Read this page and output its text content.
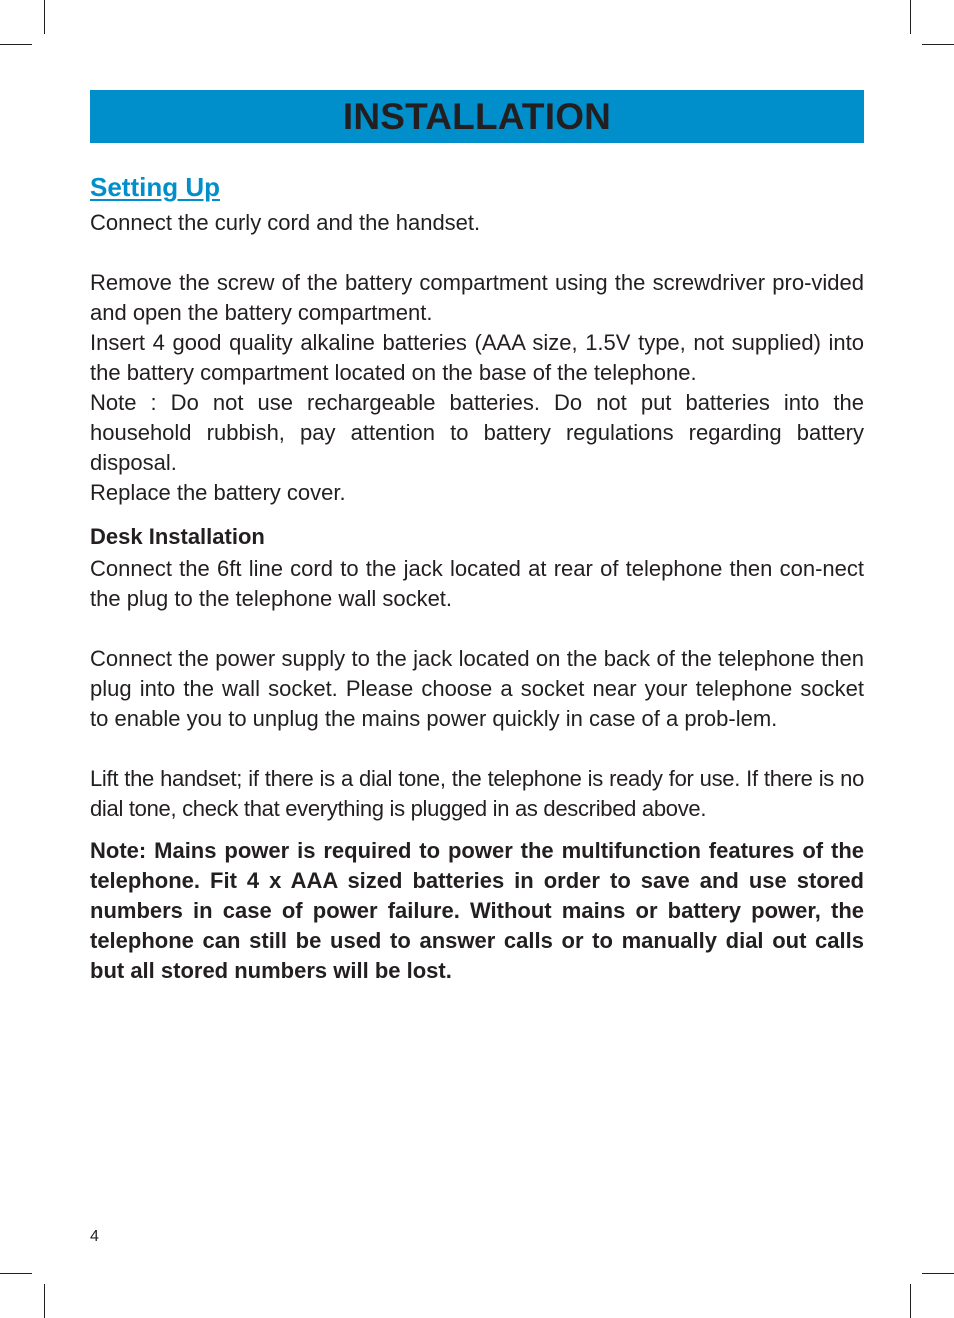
INSTALLATION
Setting Up

Connect the curly cord and the handset.

Remove the screw of the battery compartment using the screwdriver pro-vided and open the battery compartment.

Insert 4 good quality alkaline batteries (AAA size, 1.5V type, not supplied) into the battery compartment located on the base of the telephone.

Note : Do not use rechargeable batteries. Do not put batteries into the household rubbish, pay attention to battery regulations regarding battery disposal.

Replace the battery cover.

Desk Installation

Connect the 6ft line cord to the jack located at rear of telephone then con-nect the plug to the telephone wall socket.

Connect the power supply to the jack located on the back of the telephone then plug into the wall socket. Please choose a socket near your telephone socket to enable you to unplug the mains power quickly in case of a prob-lem.

Lift the handset; if there is a dial tone, the telephone is ready for use. If there is no dial tone, check that everything is plugged in as described above.

Note: Mains power is required to power the multifunction features of the telephone. Fit 4 x AAA sized batteries in order to save and use stored numbers in case of power failure. Without mains or battery power, the telephone can still be used to answer calls or to manually dial out calls but all stored numbers will be lost.

4
